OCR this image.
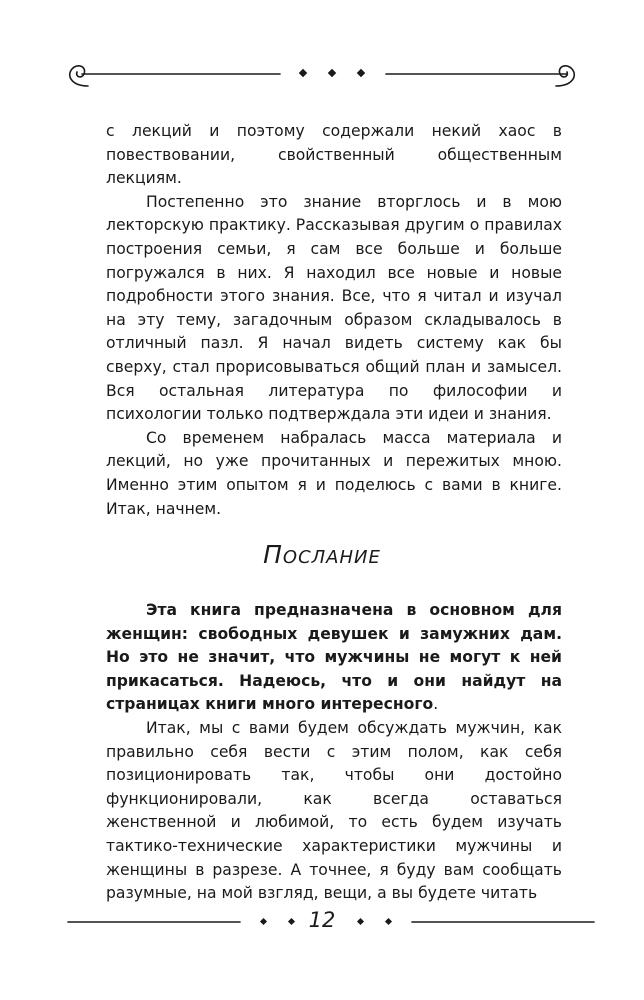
с лекций и поэтому содержали некий хаос в повествовании, свойственный общественным лекциям.

Постепенно это знание вторглось и в мою лекторскую практику. Рассказывая другим о правилах построения семьи, я сам все больше и больше погружался в них. Я находил все новые и новые подробности этого знания. Все, что я читал и изучал на эту тему, загадочным образом складывалось в отличный пазл. Я начал видеть систему как бы сверху, стал прорисовываться общий план и замысел. Вся остальная литература по философии и психологии только подтверждала эти идеи и знания.

Со временем набралась масса материала и лекций, но уже прочитанных и пережитых мною. Именно этим опытом я и поделюсь с вами в книге. Итак, начнем.

Послание

Эта книга предназначена в основном для женщин: свободных девушек и замужних дам. Но это не значит, что мужчины не могут к ней прикасаться. Надеюсь, что и они найдут на страницах книги много интересного.

Итак, мы с вами будем обсуждать мужчин, как правильно себя вести с этим полом, как себя позиционировать так, чтобы они достойно функционировали, как всегда оставаться женственной и любимой, то есть будем изучать тактико-технические характеристики мужчины и женщины в разрезе. А точнее, я буду вам сообщать разумные, на мой взгляд, вещи, а вы будете читать

12
